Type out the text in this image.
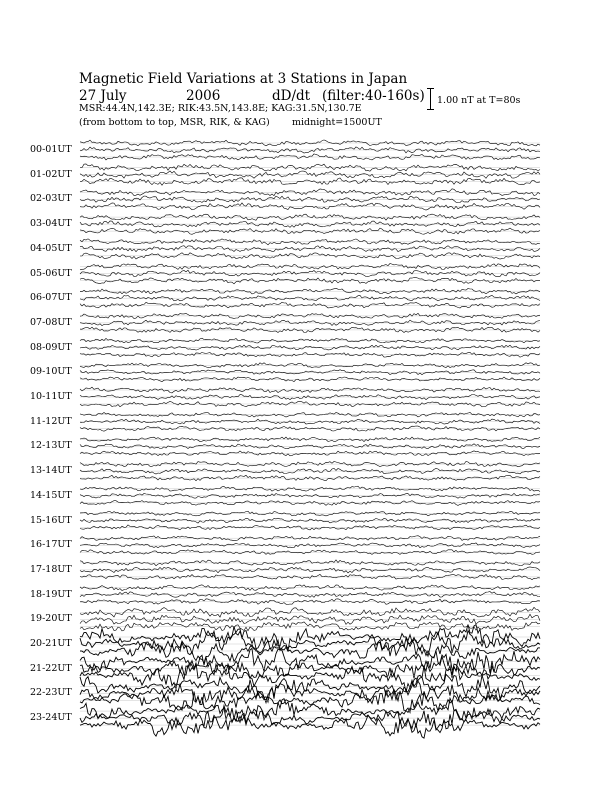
Magnetic Field Variations at 3 Stations in Japan
27 July	2006	dD/dt (filter:40-160s)
MSR:44.4N,142.3E; RIK:43.5N,143.8E; KAG:31.5N,130.7E
(from bottom to top, MSR, RIK, & KAG) midnight=1500UT
1.00 nT at T=80s
00-01UT
01-02UT
02-03UT
03-04UT
04-05UT
05-06UT
06-07UT
07-08UT
08-09UT
09-10UT
10-11UT
11-12UT
12-13UT
13-14UT
14-15UT
15-16UT
16-17UT
17-18UT
18-19UT
19-20UT
20-21UT
21-22UT
22-23UT
23-24UT
